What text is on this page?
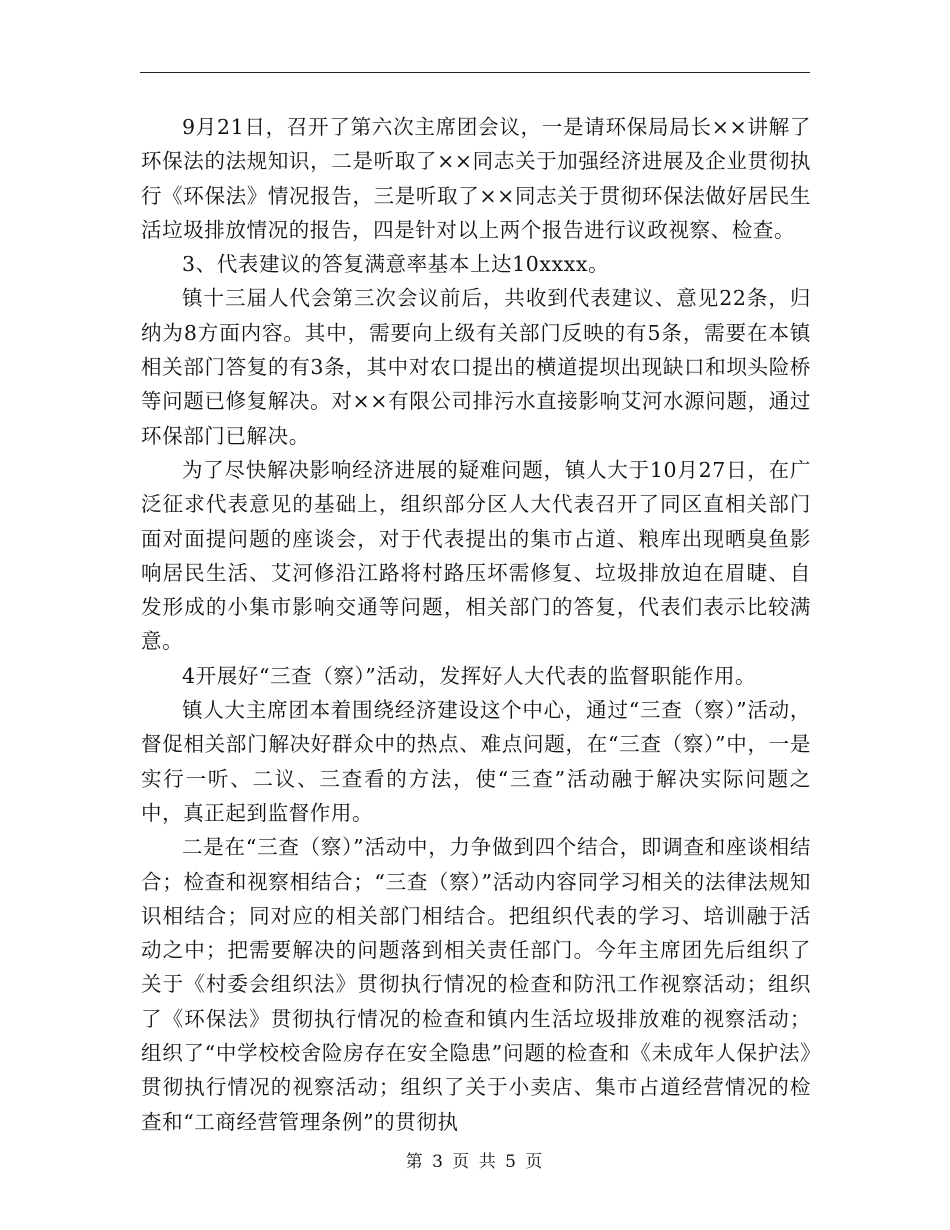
9月21日，召开了第六次主席团会议，一是请环保局局长××讲解了环保法的法规知识，二是听取了××同志关于加强经济进展及企业贯彻执行《环保法》情况报告，三是听取了××同志关于贯彻环保法做好居民生活垃圾排放情况的报告，四是针对以上两个报告进行议政视察、检查。

3、代表建议的答复满意率基本上达10xxxx。

镇十三届人代会第三次会议前后，共收到代表建议、意见22条，归纳为8方面内容。其中，需要向上级有关部门反映的有5条，需要在本镇相关部门答复的有3条，其中对农口提出的横道提坝出现缺口和坝头险桥等问题已修复解决。对××有限公司排污水直接影响艾河水源问题，通过环保部门已解决。

为了尽快解决影响经济进展的疑难问题，镇人大于10月27日，在广泛征求代表意见的基础上，组织部分区人大代表召开了同区直相关部门面对面提问题的座谈会，对于代表提出的集市占道、粮库出现晒臭鱼影响居民生活、艾河修沿江路将村路压坏需修复、垃圾排放迫在眉睫、自发形成的小集市影响交通等问题，相关部门的答复，代表们表示比较满意。

4开展好“三查（察）”活动，发挥好人大代表的监督职能作用。

镇人大主席团本着围绕经济建设这个中心，通过“三查（察）”活动，督促相关部门解决好群众中的热点、难点问题，在“三查（察）”中，一是实行一听、二议、三查看的方法，使“三查”活动融于解决实际问题之中，真正起到监督作用。

二是在“三查（察）”活动中，力争做到四个结合，即调查和座谈相结合；检查和视察相结合；“三查（察）”活动内容同学习相关的法律法规知识相结合；同对应的相关部门相结合。把组织代表的学习、培训融于活动之中；把需要解决的问题落到相关责任部门。今年主席团先后组织了关于《村委会组织法》贯彻执行情况的检查和防汛工作视察活动；组织了《环保法》贯彻执行情况的检查和镇内生活垃圾排放难的视察活动；组织了“中学校校舍险房存在安全隐患”问题的检查和《未成年人保护法》贯彻执行情况的视察活动；组织了关于小卖店、集市占道经营情况的检查和“工商经营管理条例”的贯彻执

第 3 页 共 5 页
